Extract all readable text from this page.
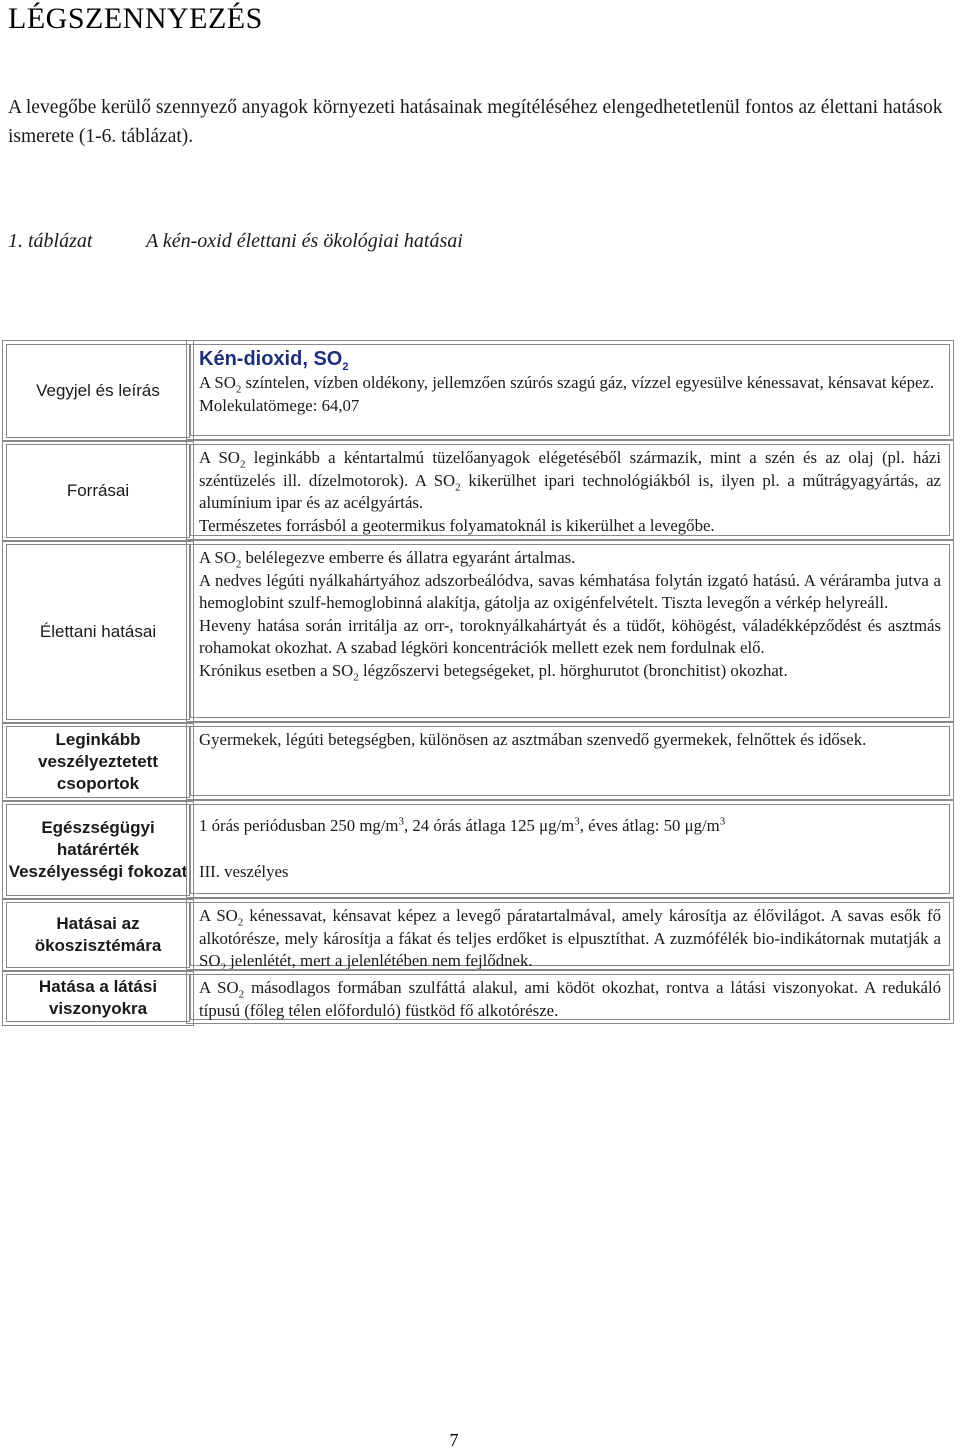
LÉGSZENNYEZÉS

A levegőbe kerülő szennyező anyagok környezeti hatásainak megítéléséhez elengedhetetlenül fontos az élettani hatások ismerete (1-6. táblázat).

1. táblázat	A kén-oxid élettani és ökológiai hatásai

Vegyjel és leírás
Forrásai
Élettani hatásai
Leginkább veszélyeztetett csoportok
Egészségügyi határérték Veszélyességi fokozat
Hatásai az ökoszisztémára
Hatása a látási viszonyokra

Kén-dioxid, $SO_2$

A $SO_2$ színtelen, vízben oldékony, jellemzően szúrós szagú gáz, vízzel egyesülve kénessavat, kénsavat képez.

Molekulatömege: 64,07

A $SO_2$ leginkább a kéntartalmú tüzelőanyagok elégetéséből származik, mint a szén és az olaj (pl. házi széntüzelés ill. dízelmotorok). A $SO_2$ kikerülhet ipari technológiákból is, ilyen pl. a műtrágyagyártás, az alumínium ipar és az acélgyártás.

Természetes forrásból a geotermikus folyamatoknál is kikerülhet a levegőbe.

A $SO_2$ belélegezve emberre és állatra egyaránt ártalmas.

A nedves légúti nyálkahártyához adszorbeálódva, savas kémhatása folytán izgató hatású. A véráramba jutva a hemoglobint szulf-hemoglobinná alakítja, gátolja az oxigénfelvételt. Tiszta levegőn a vérkép helyreáll.

Heveny hatása során irritálja az orr-, toroknyálkahártyát és a tüdőt, köhögést, váladékképződést és asztmás rohamokat okozhat. A szabad légköri koncentrációk mellett ezek nem fordulnak elő.

Krónikus esetben a $SO_2$ légzőszervi betegségeket, pl. hörghurutot (bronchitist) okozhat.

Gyermekek, légúti betegségben, különösen az asztmában szenvedő gyermekek, felnőttek és idősek.

1 órás periódusban 250 $mg/m^3$, 24 órás átlaga 125 $\mu g/m^3$, éves átlag: 50 $\mu g/m^3$

III. veszélyes

A $SO_2$ kénessavat, kénsavat képez a levegő páratartalmával, amely károsítja az élővilágot. A savas esők fő alkotórésze, mely károsítja a fákat és teljes erdőket is elpusztíthat. A zuzmófélék bio-indikátornak mutatják a $SO_2$ jelenlétét, mert a jelenlétében nem fejlődnek.

A $SO_2$ másodlagos formában szulfáttá alakul, ami ködöt okozhat, rontva a látási viszonyokat. A redukáló típusú (főleg télen előforduló) füstköd fő alkotórésze.

7
